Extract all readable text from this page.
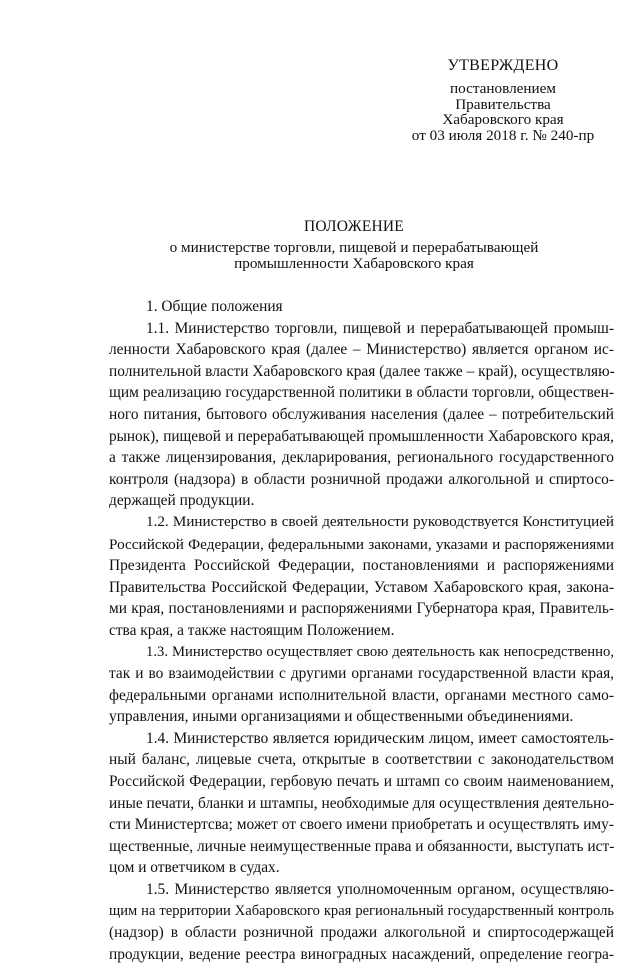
УТВЕРЖДЕНО
постановлением
Правительства
Хабаровского края
от 03 июля 2018 г. № 240-пр
ПОЛОЖЕНИЕ
о министерстве торговли, пищевой и перерабатывающей
промышленности Хабаровского края
1. Общие положения
1.1. Министерство торговли, пищевой и перерабатывающей промыш-
ленности Хабаровского края (далее – Министерство) является органом ис-
полнительной власти Хабаровского края (далее также – край), осуществляю-
щим реализацию государственной политики в области торговли, обществен-
ного питания, бытового обслуживания населения (далее – потребительский
рынок), пищевой и перерабатывающей промышленности Хабаровского края,
а также лицензирования, декларирования, регионального государственного
контроля (надзора) в области розничной продажи алкогольной и спиртосо-
держащей продукции.
1.2. Министерство в своей деятельности руководствуется Конституцией
Российской Федерации, федеральными законами, указами и распоряжениями
Президента Российской Федерации, постановлениями и распоряжениями
Правительства Российской Федерации, Уставом Хабаровского края, законa-
ми края, постановлениями и распоряжениями Губернатора края, Правитель-
ства края, а также настоящим Положением.
1.3. Министерство осуществляет свою деятельность как непосредственно,
так и во взаимодействии с другими органами государственной власти края,
федеральными органами исполнительной власти, органами местного само-
управления, иными организациями и общественными объединениями.
1.4. Министерство является юридическим лицом, имеет самостоятель-
ный баланс, лицевые счета, открытые в соответствии с законодательством
Российской Федерации, гербовую печать и штамп со своим наименованием,
иные печати, бланки и штампы, необходимые для осуществления деятельно-
сти Министертсва; может от своего имени приобретать и осуществлять иму-
щественные, личные неимущественные права и обязанности, выступать ист-
цом и ответчиком в судах.
1.5. Министерство является уполномоченным органом, осуществляю-
щим на территории Хабаровского края региональный государственный контроль
(надзор) в области розничной продажи алкогольной и спиртосодержащей
продукции, ведение реестра виноградных насаждений, определение геогра-
